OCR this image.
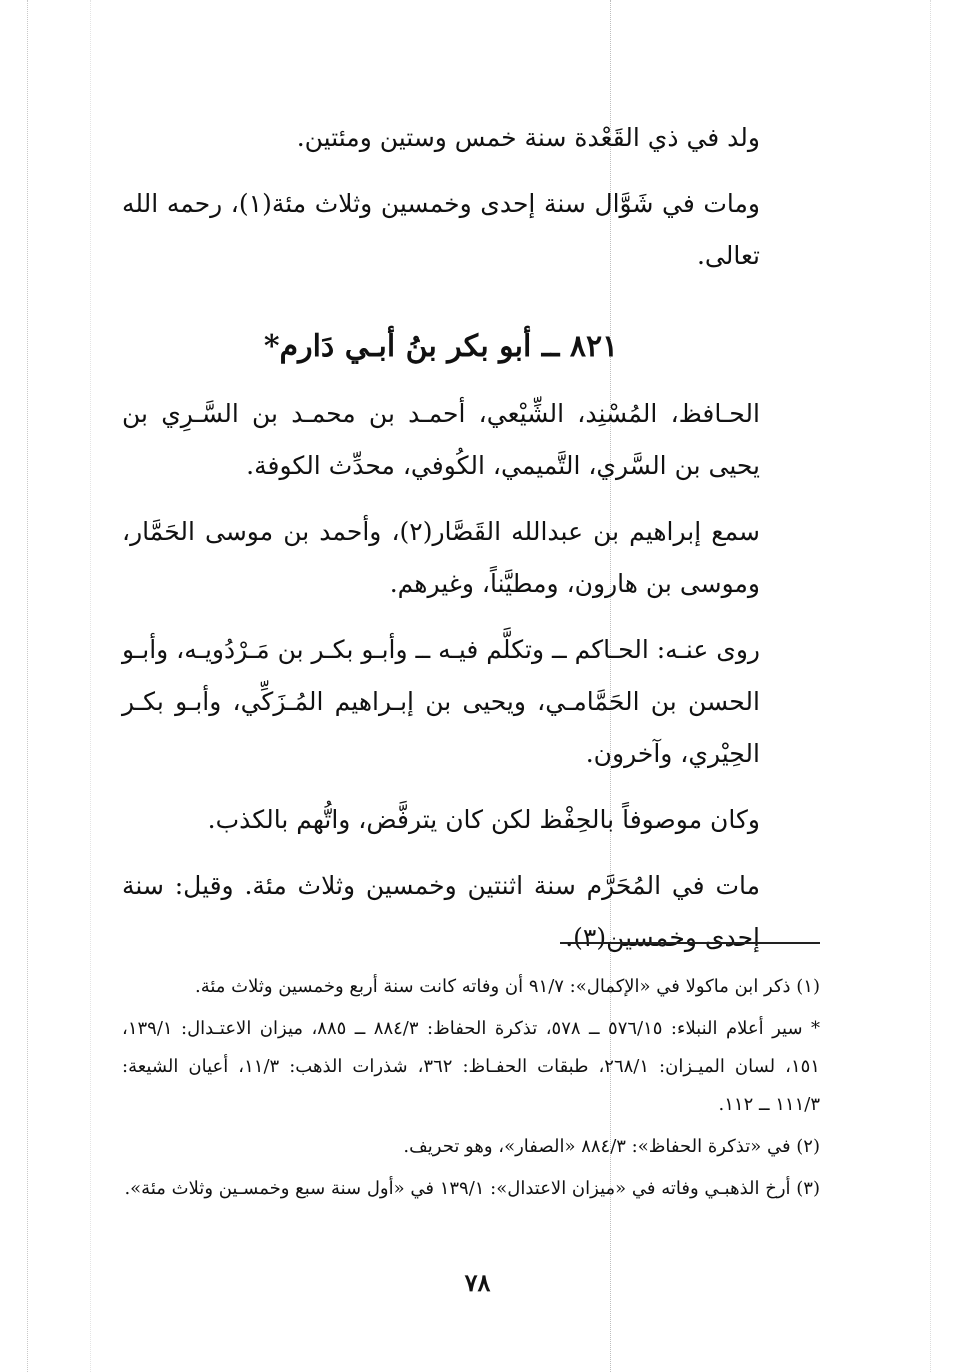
ولد في ذي القَعْدة سنة خمس وستين ومئتين.

ومات في شَوَّال سنة إحدى وخمسين وثلاث مئة(١)، رحمه الله تعالى.

٨٢١ ــ أبو بكر بنُ أبـي دَارم*

الحـافظ، المُسْنِد، الشِّيْعي، أحمـد بن محمـد بن السَّـرِي بن يحيى بن السَّري، التَّميمي، الكُوفي، محدِّث الكوفة.

سمع إبراهيم بن عبدالله القَصَّار(٢)، وأحمد بن موسى الحَمَّار، وموسى بن هارون، ومطيَّناً، وغيرهم.

روى عنـه: الحـاكم ــ وتكلَّم فيـه ــ وأبـو بكـر بن مَـرْدُويـه، وأبـو الحسن بن الحَمَّامـي، ويحيى بن إبـراهيم المُـزَكِّي، وأبـو بكـر الحِيْري، وآخرون.

وكان موصوفاً بالحِفْظ لكن كان يترفَّض، واتُّهم بالكذب.

مات في المُحَرَّم سنة اثنتين وخمسين وثلاث مئة. وقيل: سنة إحدى وخمسين(٣).

(١) ذكر ابن ماكولا في «الإكمال»: ٩١/٧ أن وفاته كانت سنة أربع وخمسين وثلاث مئة.

* سير أعلام النبلاء: ٥٧٦/١٥ ــ ٥٧٨، تذكرة الحفاظ: ٨٨٤/٣ ــ ٨٨٥، ميزان الاعتـدال: ١٣٩/١، ١٥١، لسان الميـزان: ٢٦٨/١، طبقات الحفـاظ: ٣٦٢، شذرات الذهب: ١١/٣، أعيان الشيعة: ١١١/٣ ــ ١١٢.

(٢) في «تذكرة الحفاظ»: ٨٨٤/٣ «الصفار»، وهو تحريف.

(٣) أرخ الذهبـي وفاته في «ميزان الاعتدال»: ١٣٩/١ في «أول سنة سبع وخمسـين وثلاث مئة».

٧٨
